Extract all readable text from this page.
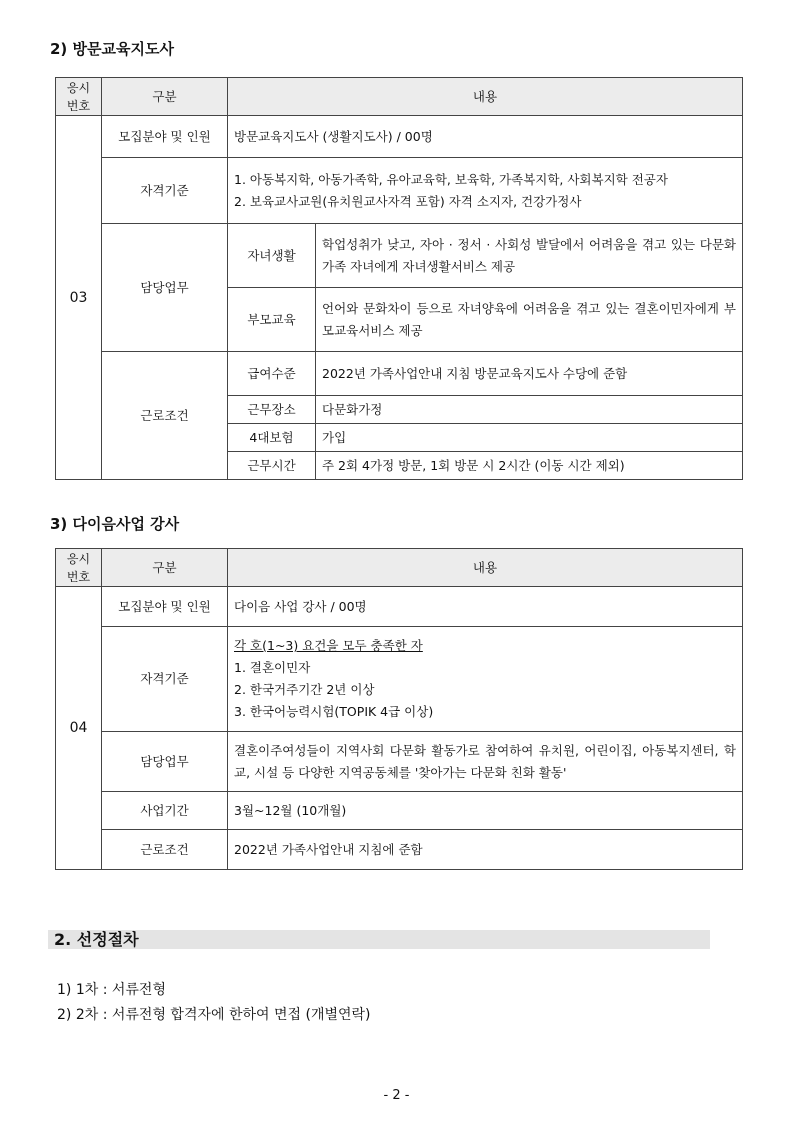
2) 방문교육지도사
응시
번호	구분	내용	
03	모집분야 및 인원	방문교육지도사 (생활지도사) / 00명	
	자격기준	1. 아동복지학, 아동가족학, 유아교육학, 보육학, 가족복지학, 사회복지학 전공자
2. 보육교사교원(유치원교사자격 포함) 자격 소지자, 건강가정사	

	담당업무	자녀생활	학업성취가 낮고, 자아 · 정서 · 사회성 발달에서 어려움을 겪고 있는 다문화가족 자녀에게 자녀생활서비스 제공
		부모교육	언어와 문화차이 등으로 자녀양육에 어려움을 겪고 있는 결혼이민자에게 부모교육서비스 제공
	근로조건	급여수준	2022년 가족사업안내 지침 방문교육지도사 수당에 준함
		근무장소	다문화가정
		4대보험	가입
		근무시간	주 2회 4가정 방문, 1회 방문 시 2시간 (이동 시간 제외)
3) 다이음사업 강사
응시
번호	구분	내용
04	모집분야 및 인원	다이음 사업 강사 / 00명
	자격기준	각 호(1~3) 요건을 모두 충족한 자
1. 결혼이민자
2. 한국거주기간 2년 이상
3. 한국어능력시험(TOPIK 4급 이상)

	담당업무	결혼이주여성들이 지역사회 다문화 활동가로 참여하여 유치원, 어린이집, 아동복지센터, 학교, 시설 등 다양한 지역공동체를 '찾아가는 다문화 친화 활동'
	사업기간	3월~12월 (10개월)
	근로조건	2022년 가족사업안내 지침에 준함
2. 선정절차
1) 1차 : 서류전형
2) 2차 : 서류전형 합격자에 한하여 면접 (개별연락)
- 2 -
